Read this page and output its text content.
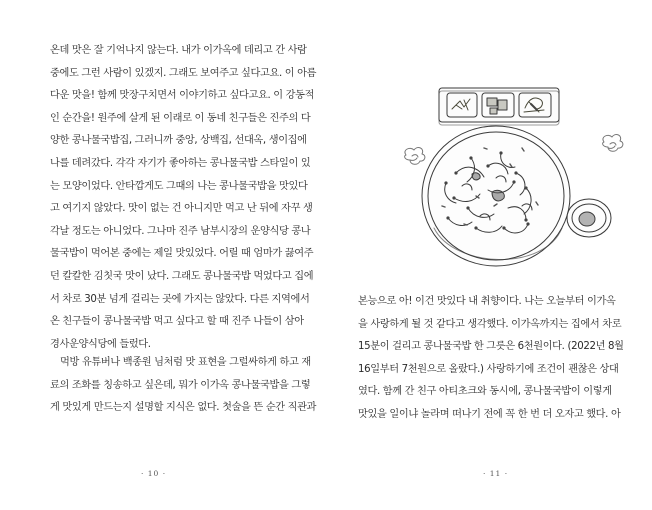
온데 맛은 잘 기억나지 않는다. 내가 이가옥에 데리고 간 사람
중에도 그런 사람이 있겠지. 그래도 보여주고 싶다고요. 이 아름
다운 맛을! 함께 맛장구치면서 이야기하고 싶다고요. 이 강동적
인 순간을! 원주에 살게 된 이래로 이 동네 친구들은 진주의 다
양한 콩나물국밥집, 그러니까 중앙, 상백집, 선대옥, 생이집에
나를 데려갔다. 각각 자기가 좋아하는 콩나물국밥 스타일이 있
는 모양이었다. 안타깝게도 그때의 나는 콩나물국밥을 맛있다
고 여기지 않았다. 맛이 없는 건 아니지만 먹고 난 뒤에 자꾸 생
각날 정도는 아니었다. 그나마 진주 남부시장의 운양식당 콩나
물국밥이 먹어본 중에는 제일 맛있었다. 어릴 때 엄마가 끓여주
던 칼칼한 김칫국 맛이 났다. 그래도 콩나물국밥 먹었다고 집에
서 차로 30분 넘게 걸리는 곳에 가지는 않았다. 다른 지역에서
온 친구들이 콩나물국밥 먹고 싶다고 할 때 진주 나들이 삼아
경사운양식당에 들렀다.
먹방 유튜버나 백종원 님처럼 맛 표현을 그럴싸하게 하고 재
료의 조화를 칭송하고 싶은데, 뭐가 이가옥 콩나물국밥을 그렇
게 맛있게 만드는지 설명할 지식은 없다. 첫술을 뜬 순간 직관과
· 10 ·
본능으로 아! 이건 맛있다 내 취향이다. 나는 오늘부터 이가옥
을 사랑하게 될 것 같다고 생각했다. 이가옥까지는 집에서 차로
15분이 걸리고 콩나물국밥 한 그릇은 6천원이다. (2022년 8월
16일부터 7천원으로 올랐다.) 사랑하기에 조건이 괜찮은 상대
였다. 함께 간 친구 아티초크와 동시에, 콩나물국밥이 이렇게
맛있을 일이냐 놀라며 떠나기 전에 꼭 한 번 더 오자고 했다. 아
· 11 ·
